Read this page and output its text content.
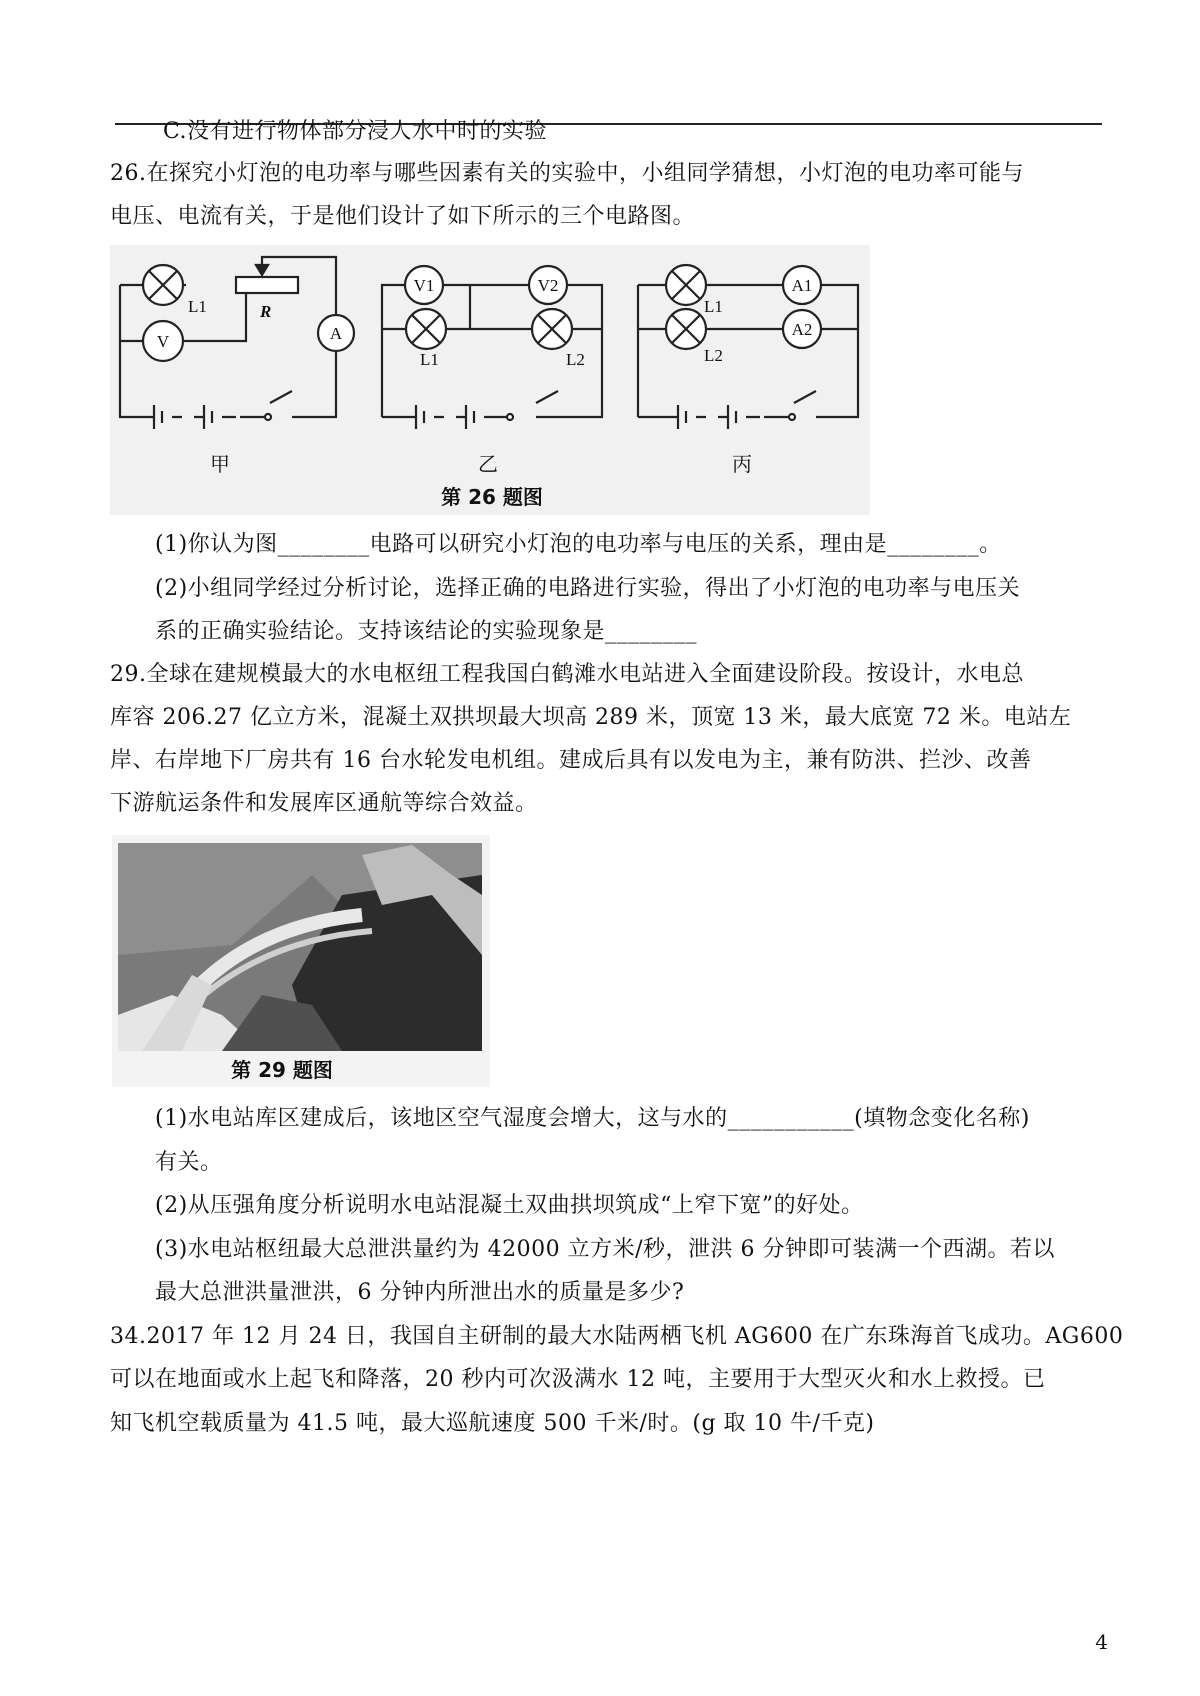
C.没有进行物体部分浸人水中时的实验
26.在探究小灯泡的电功率与哪些因素有关的实验中，小组同学猜想，小灯泡的电功率可能与
电压、电流有关，于是他们设计了如下所示的三个电路图。
L1	R
V	A
V1	V2
L1	L2
L1
L2
A1
A2
甲	乙	丙
第 26 题图
(1)你认为图________电路可以研究小灯泡的电功率与电压的关系，理由是________。
(2)小组同学经过分析讨论，选择正确的电路进行实验，得出了小灯泡的电功率与电压关
系的正确实验结论。支持该结论的实验现象是________
29.全球在建规模最大的水电枢纽工程我国白鹤滩水电站进入全面建设阶段。按设计，水电总
库容 206.27 亿立方米，混凝土双拱坝最大坝高 289 米，顶宽 13 米，最大底宽 72 米。电站左
岸、右岸地下厂房共有 16 台水轮发电机组。建成后具有以发电为主，兼有防洪、拦沙、改善
下游航运条件和发展库区通航等综合效益。
第 29 题图
(1)水电站库区建成后，该地区空气湿度会增大，这与水的___________(填物念变化名称)
有关。
(2)从压强角度分析说明水电站混凝土双曲拱坝筑成“上窄下宽”的好处。
(3)水电站枢纽最大总泄洪量约为 42000 立方米/秒，泄洪 6 分钟即可装满一个西湖。若以
最大总泄洪量泄洪，6 分钟内所泄出水的质量是多少?
34.2017 年 12 月 24 日，我国自主研制的最大水陆两栖飞机 AG600 在广东珠海首飞成功。AG600
可以在地面或水上起飞和降落，20 秒内可次汲满水 12 吨，主要用于大型灭火和水上救授。已
知飞机空载质量为 41.5 吨，最大巡航速度 500 千米/时。(g 取 10 牛/千克)
4
